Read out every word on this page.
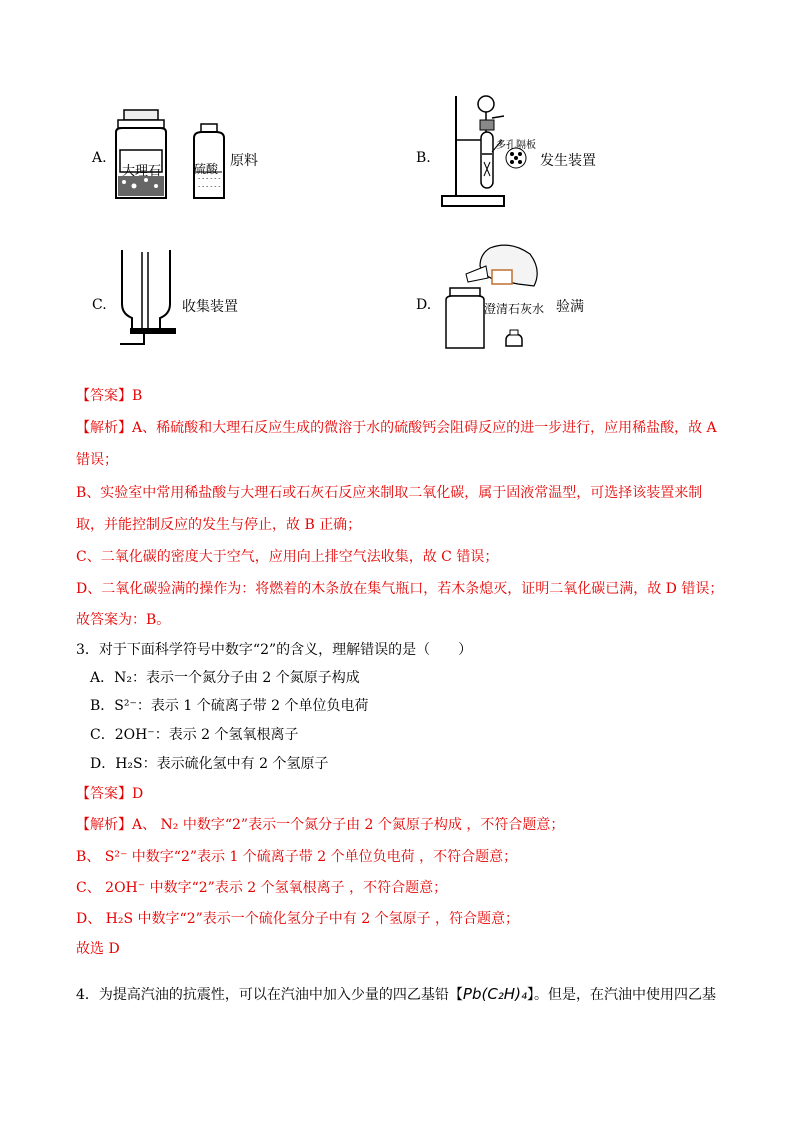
A.
- - - - - -
- - - - - -
大理石	硫酸 原料	B.
多孔隔板
发生装置
C.	收集装置	D.	澄清石灰水 验满
【答案】B
【解析】A、稀硫酸和大理石反应生成的微溶于水的硫酸钙会阻碍反应的进一步进行，应用稀盐酸，故 A
错误；
B、实验室中常用稀盐酸与大理石或石灰石反应来制取二氧化碳，属于固液常温型，可选择该装置来制
取，并能控制反应的发生与停止，故 B 正确；
C、二氧化碳的密度大于空气，应用向上排空气法收集，故 C 错误；
D、二氧化碳验满的操作为：将燃着的木条放在集气瓶口，若木条熄灭，证明二氧化碳已满，故 D 错误；
故答案为：B。
3．对于下面科学符号中数字“2”的含义，理解错误的是（　　）
A．N₂：表示一个氮分子由 2 个氮原子构成
B．S²⁻：表示 1 个硫离子带 2 个单位负电荷
C．2OH⁻：表示 2 个氢氧根离子
D．H₂S：表示硫化氢中有 2 个氢原子
【答案】D
【解析】A、 N₂ 中数字“2”表示一个氮分子由 2 个氮原子构成 ，不符合题意；
B、 S²⁻ 中数字“2”表示 1 个硫离子带 2 个单位负电荷 ，不符合题意；
C、 2OH⁻ 中数字“2”表示 2 个氢氧根离子 ，不符合题意；
D、 H₂S 中数字“2”表示一个硫化氢分子中有 2 个氢原子 ，符合题意；
故选 D
4．为提高汽油的抗震性，可以在汽油中加入少量的四乙基铅【Pb(C₂H)₄】。但是，在汽油中使用四乙基
